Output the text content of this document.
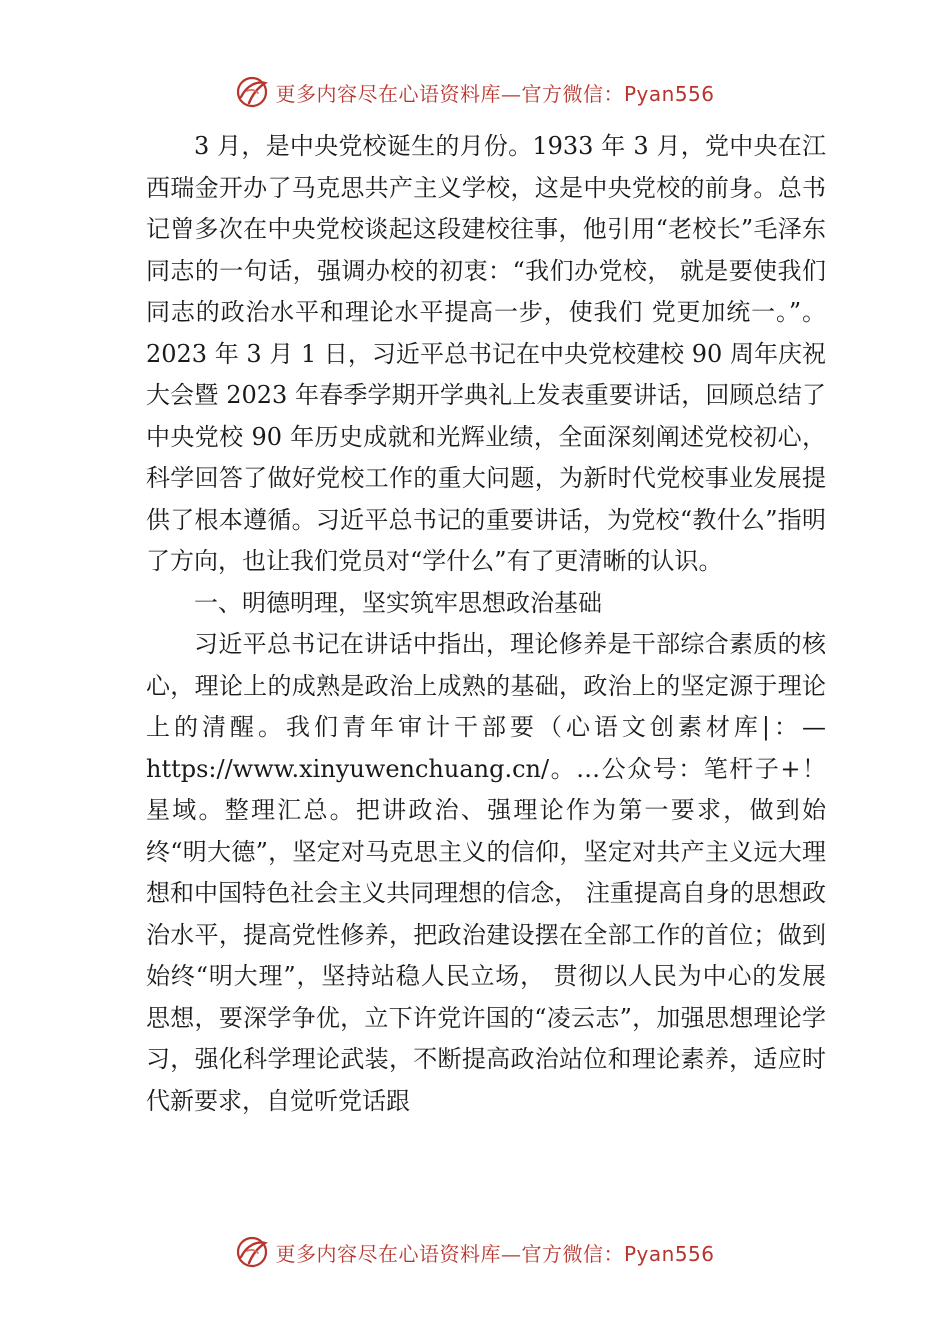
更多内容尽在心语资料库—官方微信：Pyan556

3 月，是中央党校诞生的月份。1933 年 3 月，党中央在江西瑞金开办了马克思共产主义学校，这是中央党校的前身。总书记曾多次在中央党校谈起这段建校往事，他引用“老校长”毛泽东同志的一句话，强调办校的初衷：“我们办党校， 就是要使我们同志的政治水平和理论水平提高一步，使我们 党更加统一。”。2023 年 3 月 1 日，习近平总书记在中央党校建校 90 周年庆祝大会暨 2023 年春季学期开学典礼上发表重要讲话，回顾总结了中央党校 90 年历史成就和光辉业绩，全面深刻阐述党校初心，科学回答了做好党校工作的重大问题，为新时代党校事业发展提供了根本遵循。习近平总书记的重要讲话，为党校“教什么”指明了方向，也让我们党员对“学什么”有了更清晰的认识。

一、明德明理，坚实筑牢思想政治基础

习近平总书记在讲话中指出，理论修养是干部综合素质的核心，理论上的成熟是政治上成熟的基础，政治上的坚定源于理论上的清醒。我们青年审计干部要（心语文创素材库|：—https://www.xinyuwenchuang.cn/。…公众号：笔杆子+！星域。整理汇总。把讲政治、强理论作为第一要求，做到始终“明大德”，坚定对马克思主义的信仰，坚定对共产主义远大理想和中国特色社会主义共同理想的信念， 注重提高自身的思想政治水平，提高党性修养，把政治建设摆在全部工作的首位；做到始终“明大理”，坚持站稳人民立场， 贯彻以人民为中心的发展思想，要深学争优，立下许党许国的“凌云志”，加强思想理论学习，强化科学理论武装，不断提高政治站位和理论素养，适应时代新要求，自觉听党话跟

更多内容尽在心语资料库—官方微信：Pyan556
